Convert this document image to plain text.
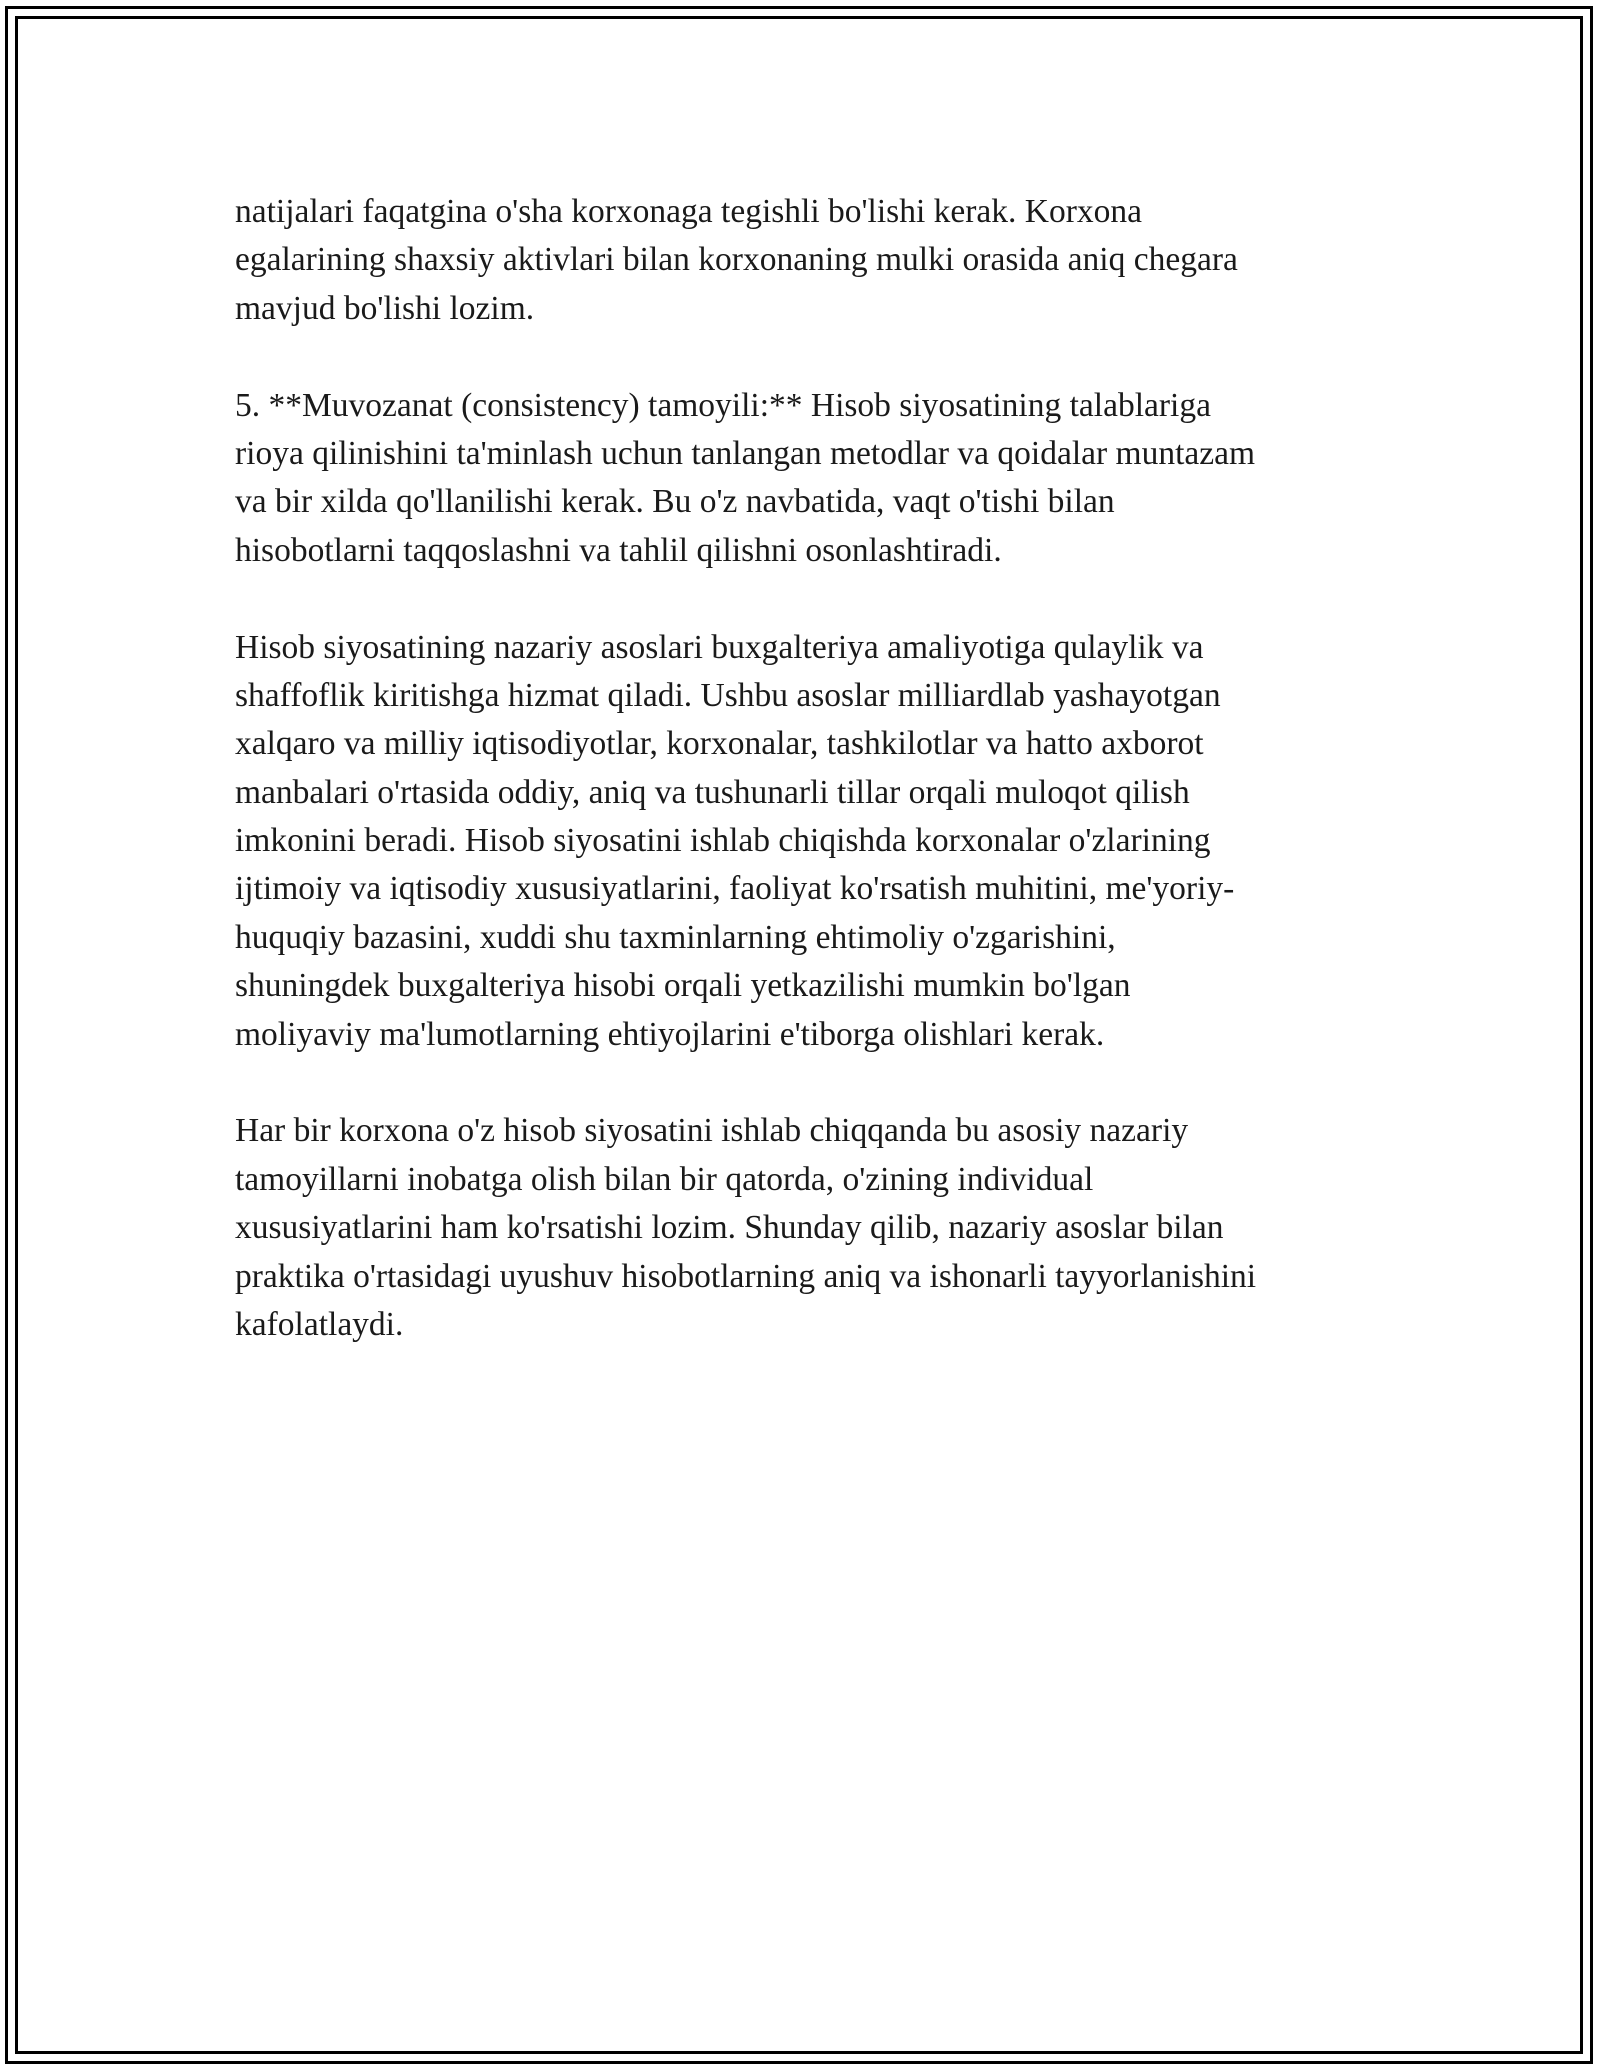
natijalari faqatgina o'sha korxonaga tegishli bo'lishi kerak. Korxona
egalarining shaxsiy aktivlari bilan korxonaning mulki orasida aniq chegara
mavjud bo'lishi lozim.
5. **Muvozanat (consistency) tamoyili:** Hisob siyosatining talablariga
rioya qilinishini ta'minlash uchun tanlangan metodlar va qoidalar muntazam
va bir xilda qo'llanilishi kerak. Bu o'z navbatida, vaqt o'tishi bilan
hisobotlarni taqqoslashni va tahlil qilishni osonlashtiradi.
Hisob siyosatining nazariy asoslari buxgalteriya amaliyotiga qulaylik va
shaffoflik kiritishga hizmat qiladi. Ushbu asoslar milliardlab yashayotgan
xalqaro va milliy iqtisodiyotlar, korxonalar, tashkilotlar va hatto axborot
manbalari o'rtasida oddiy, aniq va tushunarli tillar orqali muloqot qilish
imkonini beradi. Hisob siyosatini ishlab chiqishda korxonalar o'zlarining
ijtimoiy va iqtisodiy xususiyatlarini, faoliyat ko'rsatish muhitini, me'yoriy-
huquqiy bazasini, xuddi shu taxminlarning ehtimoliy o'zgarishini,
shuningdek buxgalteriya hisobi orqali yetkazilishi mumkin bo'lgan
moliyaviy ma'lumotlarning ehtiyojlarini e'tiborga olishlari kerak.
Har bir korxona o'z hisob siyosatini ishlab chiqqanda bu asosiy nazariy
tamoyillarni inobatga olish bilan bir qatorda, o'zining individual
xususiyatlarini ham ko'rsatishi lozim. Shunday qilib, nazariy asoslar bilan
praktika o'rtasidagi uyushuv hisobotlarning aniq va ishonarli tayyorlanishini
kafolatlaydi.
